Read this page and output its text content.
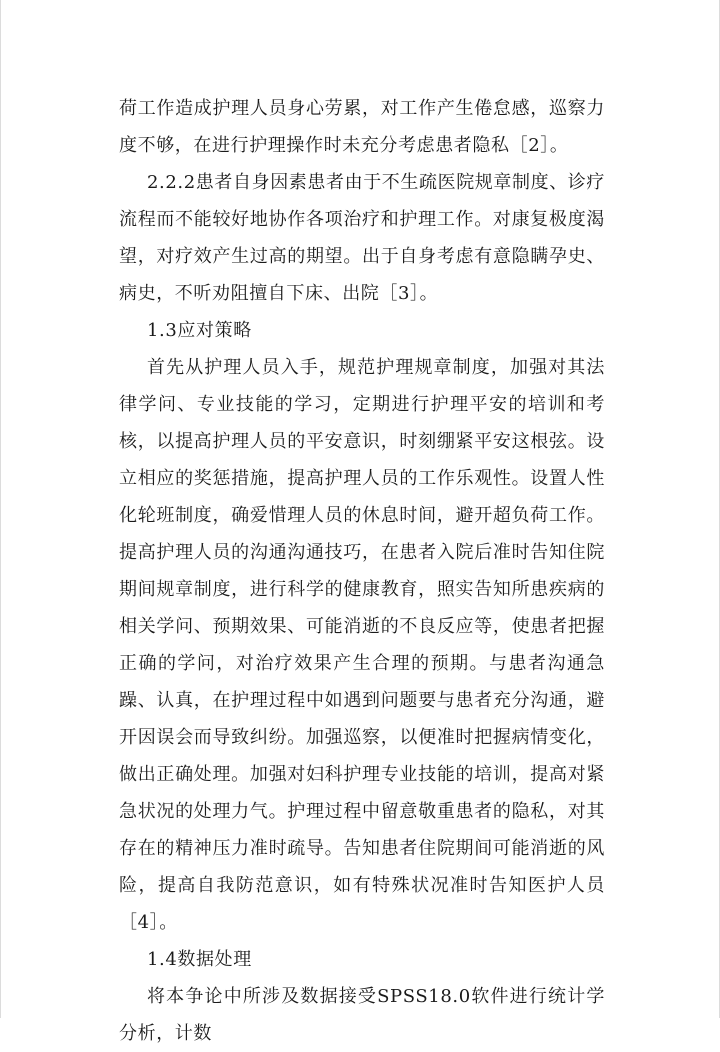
荷工作造成护理人员身心劳累，对工作产生倦怠感，巡察力度不够，在进行护理操作时未充分考虑患者隐私［2］。

2.2.2患者自身因素患者由于不生疏医院规章制度、诊疗流程而不能较好地协作各项治疗和护理工作。对康复极度渴望，对疗效产生过高的期望。出于自身考虑有意隐瞒孕史、病史，不听劝阻擅自下床、出院［3］。

1.3应对策略

首先从护理人员入手，规范护理规章制度，加强对其法律学问、专业技能的学习，定期进行护理平安的培训和考核，以提高护理人员的平安意识，时刻绷紧平安这根弦。设立相应的奖惩措施，提高护理人员的工作乐观性。设置人性化轮班制度，确爱惜理人员的休息时间，避开超负荷工作。提高护理人员的沟通沟通技巧，在患者入院后准时告知住院期间规章制度，进行科学的健康教育，照实告知所患疾病的相关学问、预期效果、可能消逝的不良反应等，使患者把握正确的学问，对治疗效果产生合理的预期。与患者沟通急躁、认真，在护理过程中如遇到问题要与患者充分沟通，避开因误会而导致纠纷。加强巡察，以便准时把握病情变化，做出正确处理。加强对妇科护理专业技能的培训，提高对紧急状况的处理力气。护理过程中留意敬重患者的隐私，对其存在的精神压力准时疏导。告知患者住院期间可能消逝的风险，提高自我防范意识，如有特殊状况准时告知医护人员［4］。

1.4数据处理

将本争论中所涉及数据接受SPSS18.0软件进行统计学分析，计数
